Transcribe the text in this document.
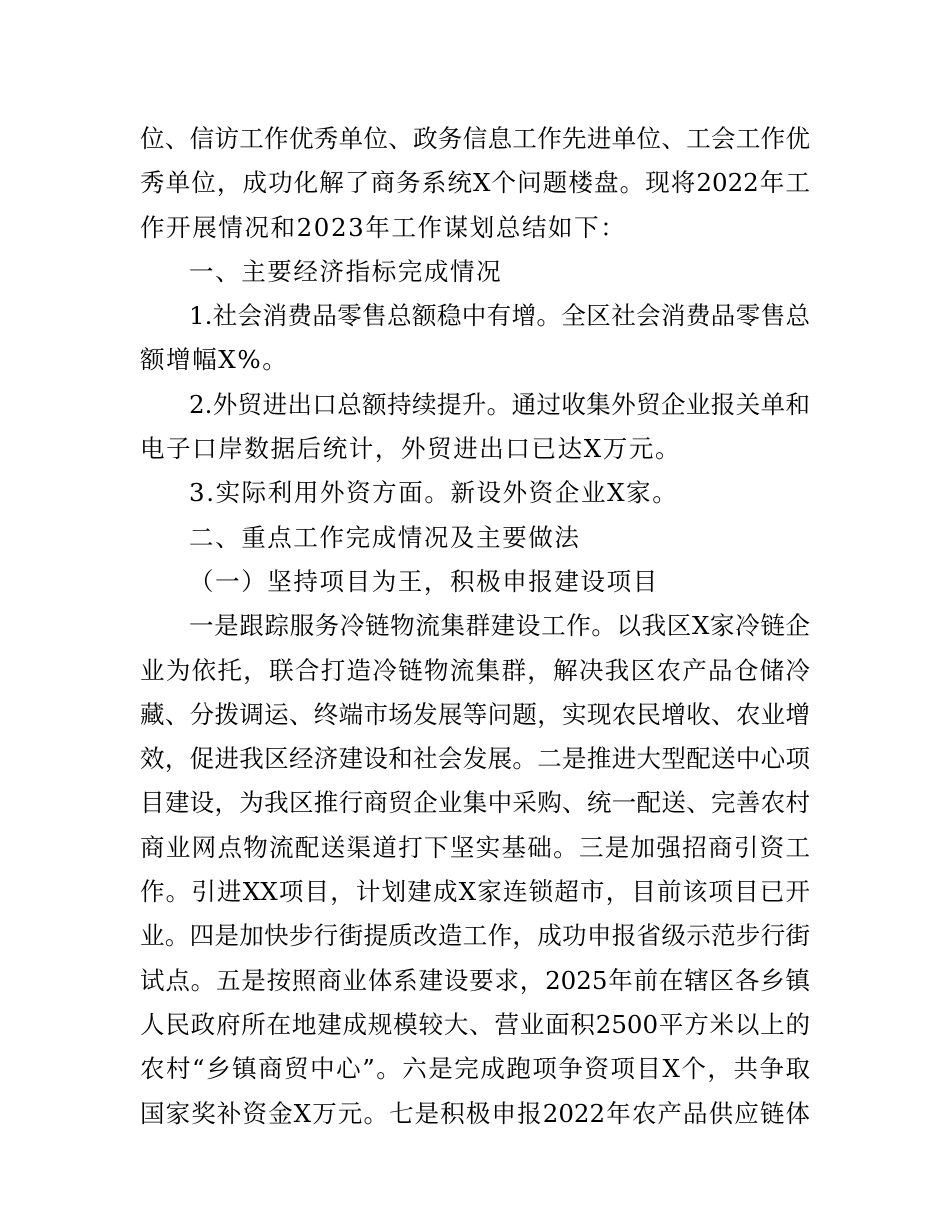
位、信访工作优秀单位、政务信息工作先进单位、工会工作优
秀单位，成功化解了商务系统X个问题楼盘。现将2022年工
作开展情况和2023年工作谋划总结如下：
一、主要经济指标完成情况
1.社会消费品零售总额稳中有增。全区社会消费品零售总
额增幅X%。
2.外贸进出口总额持续提升。通过收集外贸企业报关单和
电子口岸数据后统计，外贸进出口已达X万元。
3.实际利用外资方面。新设外资企业X家。
二、重点工作完成情况及主要做法
（一）坚持项目为王，积极申报建设项目
一是跟踪服务冷链物流集群建设工作。以我区X家冷链企
业为依托，联合打造冷链物流集群，解决我区农产品仓储冷
藏、分拨调运、终端市场发展等问题，实现农民增收、农业增
效，促进我区经济建设和社会发展。二是推进大型配送中心项
目建设，为我区推行商贸企业集中采购、统一配送、完善农村
商业网点物流配送渠道打下坚实基础。三是加强招商引资工
作。引进XX项目，计划建成X家连锁超市，目前该项目已开
业。四是加快步行街提质改造工作，成功申报省级示范步行街
试点。五是按照商业体系建设要求，2025年前在辖区各乡镇
人民政府所在地建成规模较大、营业面积2500平方米以上的
农村“乡镇商贸中心”。六是完成跑项争资项目X个，共争取
国家奖补资金X万元。七是积极申报2022年农产品供应链体
